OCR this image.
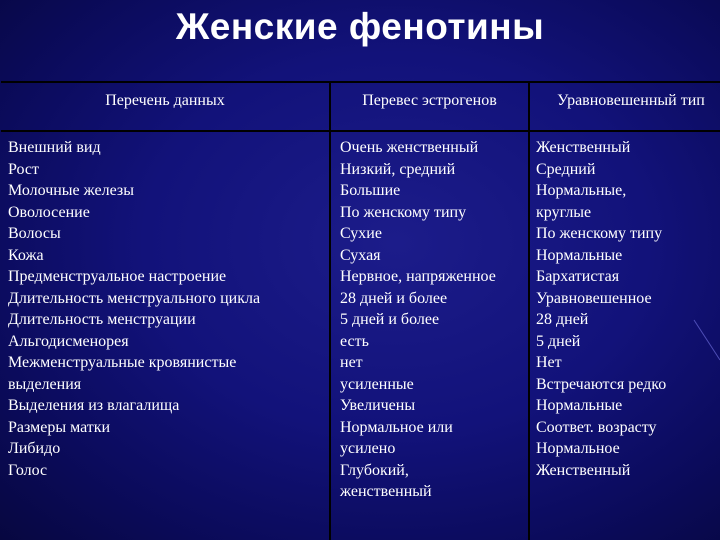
Женские фенотины
Перечень данных	Перевес эстрогенов	Уравновешенный тип
Внешний вид
Рост
Молочные железы
Оволосение
Волосы
Кожа
Предменструальное настроение
Длительность менструального цикла
Длительность менструации
Альгодисменорея
Межменструальные кровянистые
выделения
Выделения из влагалища
Размеры матки
Либидо
Голос
Очень женственный
Низкий, средний
Большие
По женскому типу
Сухие
Сухая
Нервное, напряженное
28 дней и более
5 дней и более
есть
нет
усиленные
Увеличены
Нормальное или
усилено
Глубокий,
женственный
Женственный
Средний
Нормальные,
круглые
По женскому типу
Нормальные
Бархатистая
Уравновешенное
28 дней
5 дней
Нет
Встречаются редко
Нормальные
Соответ. возрасту
Нормальное
Женственный
